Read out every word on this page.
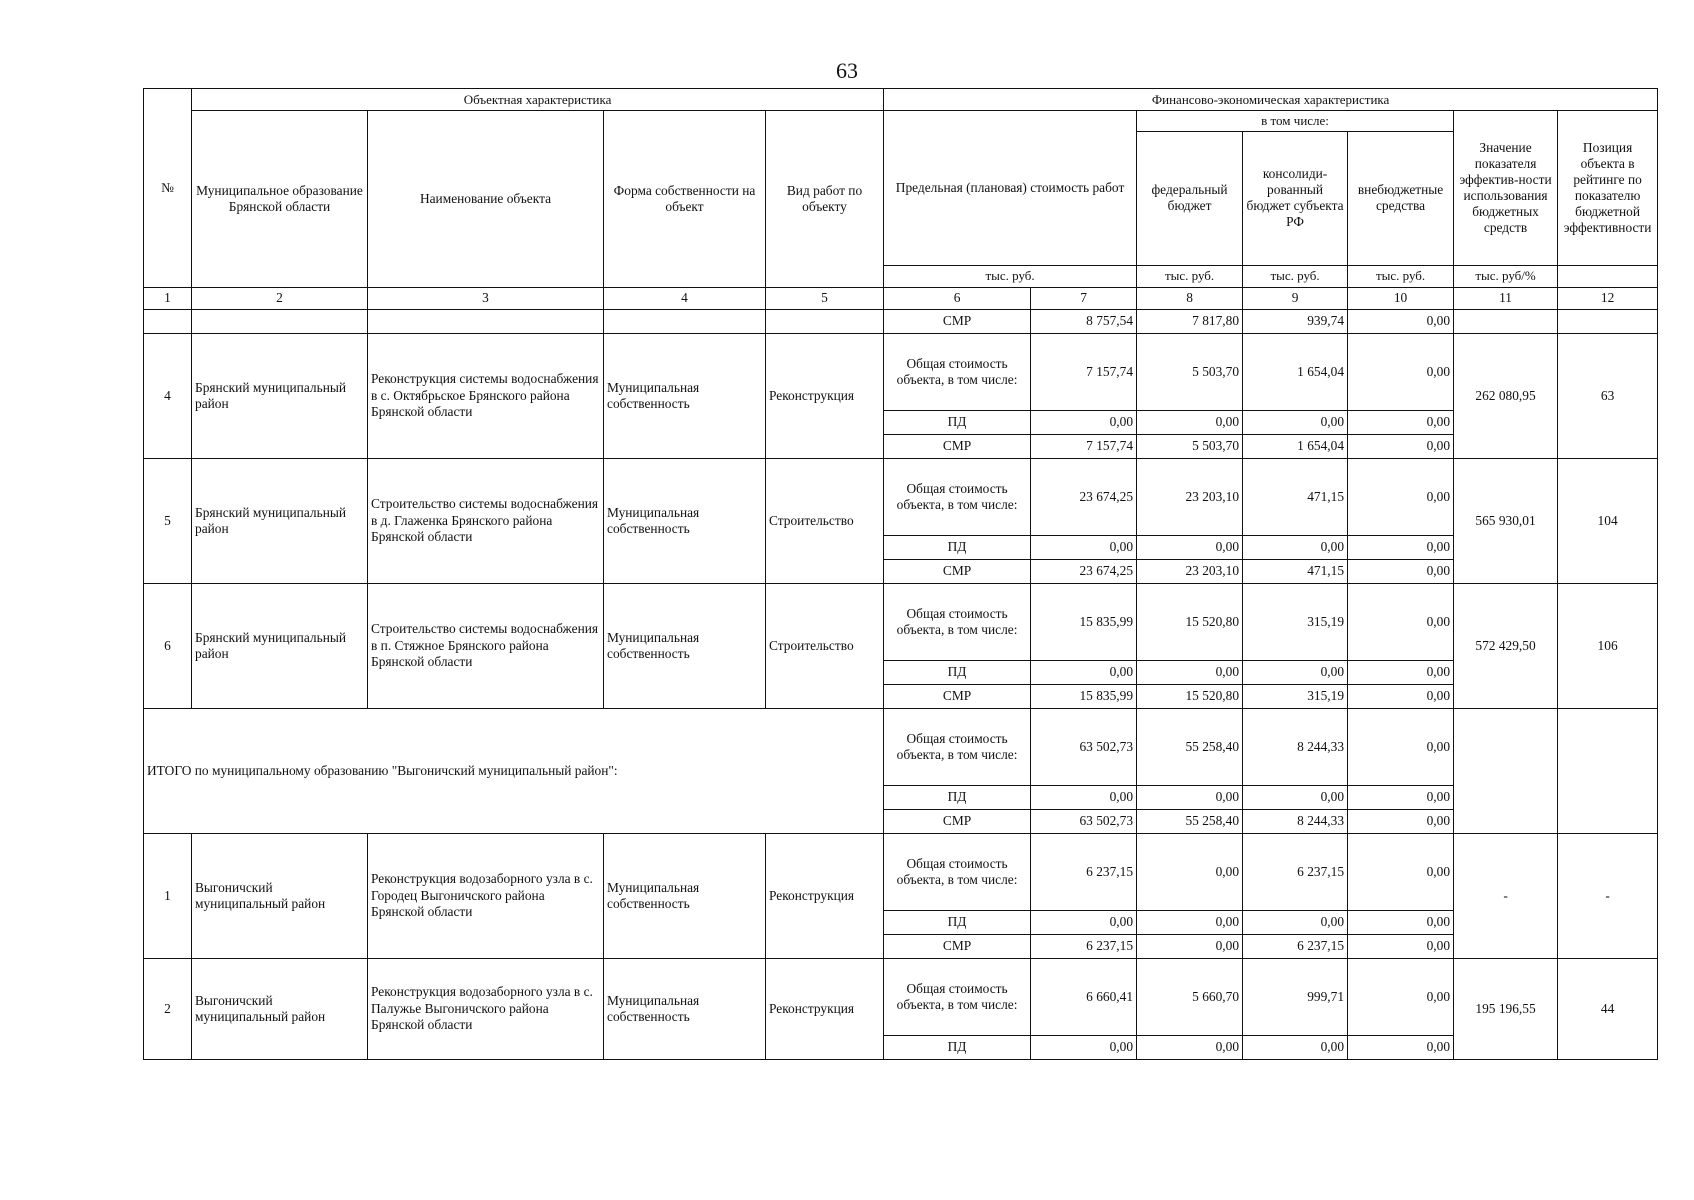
63
№	Объектная характеристика				Финансово-экономическая характеристика						
	Муниципальное образование Брянской области	Наименование объекта	Форма собственности на объект	Вид работ по объекту	Предельная (плановая) стоимость работ		в том числе:			Значение показателя эффектив-ности использования бюджетных средств	Позиция объекта в рейтинге по показателю бюджетной эффективности
							федеральный бюджет	консолиди-рованный бюджет субъекта РФ	внебюджетные средства		
					тыс. руб.		тыс. руб.	тыс. руб.	тыс. руб.	тыс. руб/%	
1	2	3	4	5	6	7	8	9	10	11	12
					СМР	8 757,54	7 817,80	939,74	0,00		
4	Брянский муниципальный район	Реконструкция системы водоснабжения в с. Октябрьское Брянского района Брянской области	Муниципальная собственность	Реконструкция	Общая стоимость объекта, в том числе:	7 157,74	5 503,70	1 654,04	0,00	262 080,95	63
					ПД	0,00	0,00	0,00	0,00		
					СМР	7 157,74	5 503,70	1 654,04	0,00		
5	Брянский муниципальный район	Строительство системы водоснабжения в д. Глаженка Брянского района Брянской области	Муниципальная собственность	Строительство	Общая стоимость объекта, в том числе:	23 674,25	23 203,10	471,15	0,00	565 930,01	104
					ПД	0,00	0,00	0,00	0,00		
					СМР	23 674,25	23 203,10	471,15	0,00		
6	Брянский муниципальный район	Строительство системы водоснабжения в п. Стяжное Брянского района Брянской области	Муниципальная собственность	Строительство	Общая стоимость объекта, в том числе:	15 835,99	15 520,80	315,19	0,00	572 429,50	106
					ПД	0,00	0,00	0,00	0,00		
					СМР	15 835,99	15 520,80	315,19	0,00		
ИТОГО по муниципальному образованию "Выгоничский муниципальный район":					Общая стоимость объекта, в том числе:	63 502,73	55 258,40	8 244,33	0,00		
					ПД	0,00	0,00	0,00	0,00		
					СМР	63 502,73	55 258,40	8 244,33	0,00		
1	Выгоничский муниципальный район	Реконструкция водозаборного узла в с. Городец Выгоничского района Брянской области	Муниципальная собственность	Реконструкция	Общая стоимость объекта, в том числе:	6 237,15	0,00	6 237,15	0,00	-	-
					ПД	0,00	0,00	0,00	0,00		
					СМР	6 237,15	0,00	6 237,15	0,00		
2	Выгоничский муниципальный район	Реконструкция водозаборного узла в с. Палужье Выгоничского района Брянской области	Муниципальная собственность	Реконструкция	Общая стоимость объекта, в том числе:	6 660,41	5 660,70	999,71	0,00	195 196,55	44
					ПД	0,00	0,00	0,00	0,00		
